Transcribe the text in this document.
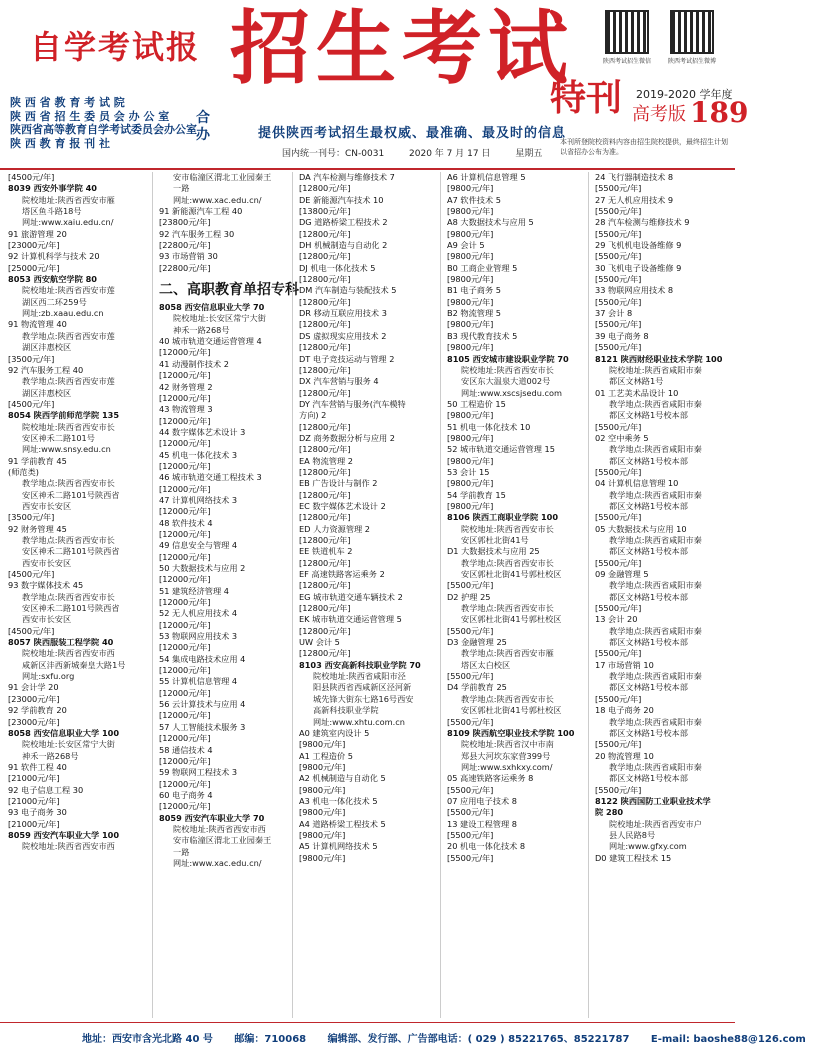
自学考试报 招生考试
特刊
陕西考试招生微信	陕西考试招生微博
2019-2020 学年度
高考版 189
陕 西 省 教 育 考 试 院
陕 西 省 招 生 委 员 会 办 公 室
陕西省高等教育自学考试委员会办公室
陕 西 教 育 报 刊 社
合办	提供陕西考试招生最权威、最准确、最及时的信息
国内统一刊号：CN-0031	2020 年 7 月 17 日	星期五
本刊所登院校资料内容由招生院校提供，最终招生计划以省招办公布为准。
[4500元/年]
8039 西安外事学院 40
院校地址:陕西省西安市雁
塔区鱼斗路18号
网址:www.xaiu.edu.cn/
91 旅游管理 20
[23000元/年]
92 计算机科学与技术 20
[25000元/年]
8053 西安航空学院 80
院校地址:陕西省西安市莲
湖区西二环259号
网址:zb.xaau.edu.cn
91 物流管理 40
教学地点:陕西省西安市莲
湖区沣惠校区
[3500元/年]
92 汽车服务工程 40
教学地点:陕西省西安市莲
湖区沣惠校区
[4500元/年]
8054 陕西学前师范学院 135
院校地址:陕西省西安市长
安区神禾二路101号
网址:www.snsy.edu.cn
91 学前教育 45
(师范类)
教学地点:陕西省西安市长
安区神禾二路101号陕西省
西安市长安区
[3500元/年]
92 财务管理 45
教学地点:陕西省西安市长
安区神禾二路101号陕西省
西安市长安区
[4500元/年]
93 数字媒体技术 45
教学地点:陕西省西安市长
安区神禾二路101号陕西省
西安市长安区
[4500元/年]
8057 陕西服装工程学院 40
院校地址:陕西省西安市西
咸新区沣西新城秦皇大路1号
网址:sxfu.org
91 会计学 20
[23000元/年]
92 学前教育 20
[23000元/年]
8058 西安信息职业大学 100
院校地址:长安区常宁大街
神禾一路268号
91 软件工程 40
[21000元/年]
92 电子信息工程 30
[21000元/年]
93 电子商务 30
[21000元/年]
8059 西安汽车职业大学 100
院校地址:陕西省西安市西
安市临潼区渭北工业园秦王
一路
网址:www.xac.edu.cn/
91 新能源汽车工程 40
[23800元/年]
92 汽车服务工程 30
[22800元/年]
93 市场营销 30
[22800元/年]
二、高职教育单招专科
8058 西安信息职业大学 70
院校地址:长安区常宁大街
神禾一路268号
40 城市轨道交通运营管理 4
[12000元/年]
41 动漫制作技术 2
[12000元/年]
42 财务管理 2
[12000元/年]
43 物流管理 3
[12000元/年]
44 数字媒体艺术设计 3
[12000元/年]
45 机电一体化技术 3
[12000元/年]
46 城市轨道交通工程技术 3
[12000元/年]
47 计算机网络技术 3
[12000元/年]
48 软件技术 4
[12000元/年]
49 信息安全与管理 4
[12000元/年]
50 大数据技术与应用 2
[12000元/年]
51 建筑经济管理 4
[12000元/年]
52 无人机应用技术 4
[12000元/年]
53 物联网应用技术 3
[12000元/年]
54 集成电路技术应用 4
[12000元/年]
55 计算机信息管理 4
[12000元/年]
56 云计算技术与应用 4
[12000元/年]
57 人工智能技术服务 3
[12000元/年]
58 通信技术 4
[12000元/年]
59 物联网工程技术 3
[12000元/年]
60 电子商务 4
[12000元/年]
8059 西安汽车职业大学 70
院校地址:陕西省西安市西
安市临潼区渭北工业园秦王
一路
网址:www.xac.edu.cn/
DA 汽车检测与维修技术 7
[12800元/年]
DE 新能源汽车技术 10
[13800元/年]
DG 道路桥梁工程技术 2
[12800元/年]
DH 机械制造与自动化 2
[12800元/年]
DJ 机电一体化技术 5
[12800元/年]
DM 汽车制造与装配技术 5
[12800元/年]
DR 移动互联应用技术 3
[12800元/年]
DS 虚拟现实应用技术 2
[12800元/年]
DT 电子竞技运动与管理 2
[12800元/年]
DX 汽车营销与服务 4
[12800元/年]
DY 汽车营销与服务(汽车模特
方向) 2
[12800元/年]
DZ 商务数据分析与应用 2
[12800元/年]
EA 物流管理 2
[12800元/年]
EB 广告设计与制作 2
[12800元/年]
EC 数字媒体艺术设计 2
[12800元/年]
ED 人力资源管理 2
[12800元/年]
EE 铁道机车 2
[12800元/年]
EF 高速铁路客运乘务 2
[12800元/年]
EG 城市轨道交通车辆技术 2
[12800元/年]
EK 城市轨道交通运营管理 5
[12800元/年]
UW 会计 5
[12800元/年]
8103 西安高新科技职业学院 70
院校地址:陕西省咸阳市泾
阳县陕西省西咸新区泾河新
城先锋大街东七路16号西安
高新科技职业学院
网址:www.xhtu.com.cn
A0 建筑室内设计 5
[9800元/年]
A1 工程造价 5
[9800元/年]
A2 机械制造与自动化 5
[9800元/年]
A3 机电一体化技术 5
[9800元/年]
A4 道路桥梁工程技术 5
[9800元/年]
A5 计算机网络技术 5
[9800元/年]
A6 计算机信息管理 5
[9800元/年]
A7 软件技术 5
[9800元/年]
A8 大数据技术与应用 5
[9800元/年]
A9 会计 5
[9800元/年]
B0 工商企业管理 5
[9800元/年]
B1 电子商务 5
[9800元/年]
B2 物流管理 5
[9800元/年]
B3 现代教育技术 5
[9800元/年]
8105 西安城市建设职业学院 70
院校地址:陕西省西安市长
安区东大温泉大道002号
网址:www.xscsjsedu.com
50 工程造价 15
[9800元/年]
51 机电一体化技术 10
[9800元/年]
52 城市轨道交通运营管理 15
[9800元/年]
53 会计 15
[9800元/年]
54 学前教育 15
[9800元/年]
8106 陕西工商职业学院 100
院校地址:陕西省西安市长
安区郭杜北街41号
D1 大数据技术与应用 25
教学地点:陕西省西安市长
安区郭杜北街41号郭杜校区
[5500元/年]
D2 护理 25
教学地点:陕西省西安市长
安区郭杜北街41号郭杜校区
[5500元/年]
D3 金融管理 25
教学地点:陕西省西安市雁
塔区太白校区
[5500元/年]
D4 学前教育 25
教学地点:陕西省西安市长
安区郭杜北街41号郭杜校区
[5500元/年]
8109 陕西航空职业技术学院 100
院校地址:陕西省汉中市南
郑县大河坎东家营399号
网址:www.sxhkxy.com/
05 高速铁路客运乘务 8
[5500元/年]
07 应用电子技术 8
[5500元/年]
13 建设工程管理 8
[5500元/年]
20 机电一体化技术 8
[5500元/年]
24 飞行器制造技术 8
[5500元/年]
27 无人机应用技术 9
[5500元/年]
28 汽车检测与维修技术 9
[5500元/年]
29 飞机机电设备维修 9
[5500元/年]
30 飞机电子设备维修 9
[5500元/年]
33 物联网应用技术 8
[5500元/年]
37 会计 8
[5500元/年]
39 电子商务 8
[5500元/年]
8121 陕西财经职业技术学院 100
院校地址:陕西省咸阳市秦
都区文林路1号
01 工艺美术品设计 10
教学地点:陕西省咸阳市秦
都区文林路1号校本部
[5500元/年]
02 空中乘务 5
教学地点:陕西省咸阳市秦
都区文林路1号校本部
[5500元/年]
04 计算机信息管理 10
教学地点:陕西省咸阳市秦
都区文林路1号校本部
[5500元/年]
05 大数据技术与应用 10
教学地点:陕西省咸阳市秦
都区文林路1号校本部
[5500元/年]
09 金融管理 5
教学地点:陕西省咸阳市秦
都区文林路1号校本部
[5500元/年]
13 会计 20
教学地点:陕西省咸阳市秦
都区文林路1号校本部
[5500元/年]
17 市场营销 10
教学地点:陕西省咸阳市秦
都区文林路1号校本部
[5500元/年]
18 电子商务 20
教学地点:陕西省咸阳市秦
都区文林路1号校本部
[5500元/年]
20 物流管理 10
教学地点:陕西省咸阳市秦
都区文林路1号校本部
[5500元/年]
8122 陕西国防工业职业技术学
院 280
院校地址:陕西省西安市户
县人民路8号
网址:www.gfxy.com
D0 建筑工程技术 15
地址：西安市含光北路 40 号 邮编：710068 编辑部、发行部、广告部电话：( 029 ) 85221765、85221787 E-mail: baoshe88@126.com
